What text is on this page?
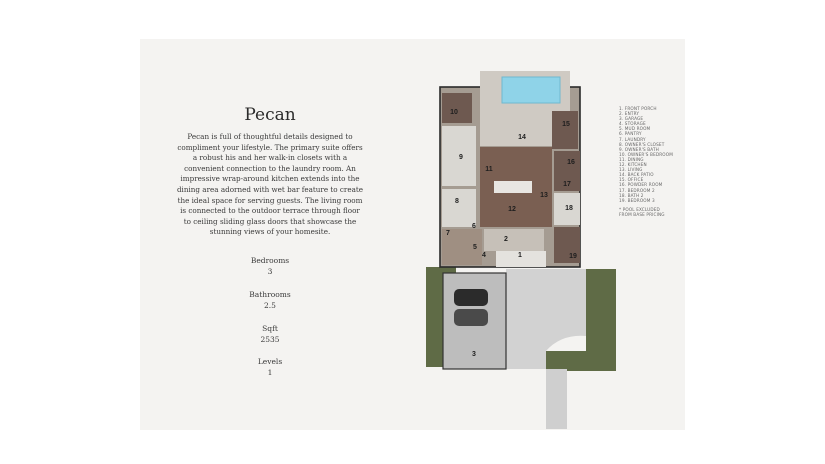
Pecan

Pecan is full of thoughtful details designed to compliment your lifestyle. The primary suite offers a robust his and her walk-in closets with a convenient connection to the laundry room. An impressive wrap-around kitchen extends into the dining area adorned with wet bar feature to create the ideal space for serving guests. The living room is connected to the outdoor terrace through floor to ceiling sliding glass doors that showcase the stunning views of your homesite.

Bedrooms
3
Bathrooms
2.5
Sqft
2535
Levels
1
1
2
3
4
5
6
7
8
9
10
11
12
13
14
15
16
17
18
19
1. FRONT PORCH
2. ENTRY
3. GARAGE
4. STORAGE
5. MUD ROOM
6. PANTRY
7. LAUNDRY
8. OWNER'S CLOSET
9. OWNER'S BATH
10. OWNER'S BEDROOM
11. DINING
12. KITCHEN
13. LIVING
14. BACK PATIO
15. OFFICE
16. POWDER ROOM
17. BEDROOM 2
18. BATH 2
19. BEDROOM 3
* POOL EXCLUDED
FROM BASE PRICING
